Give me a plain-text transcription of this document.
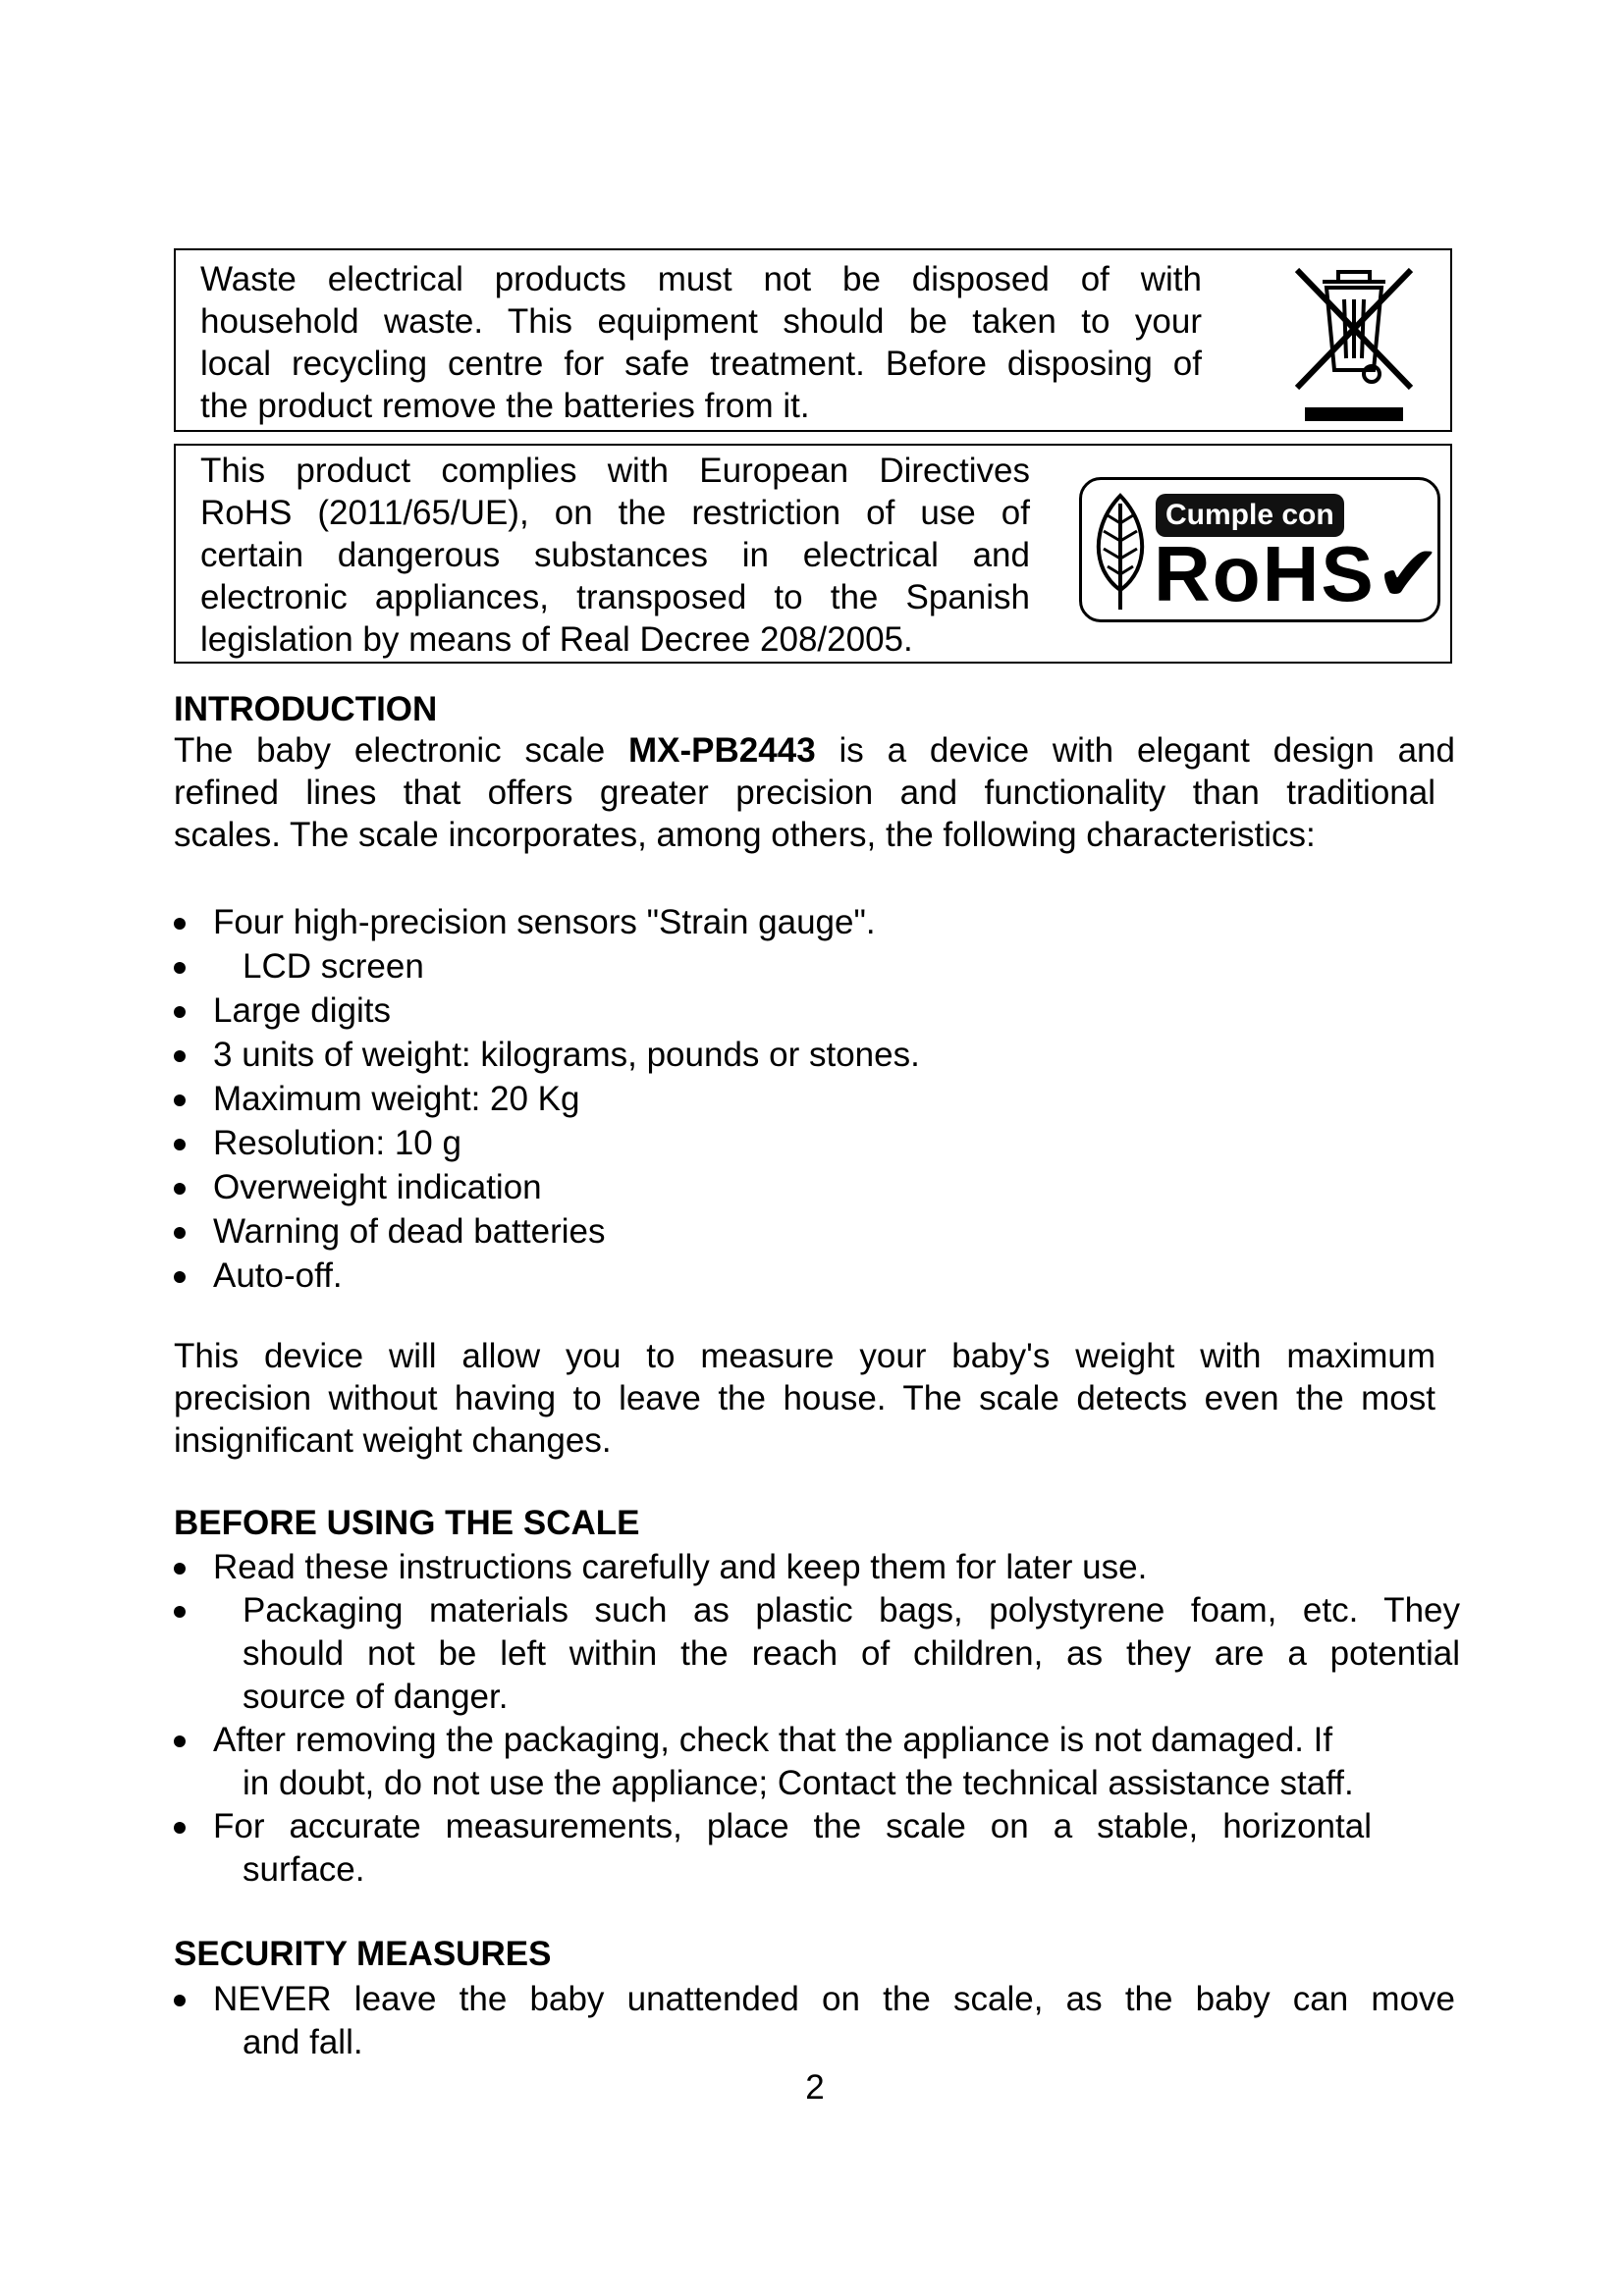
Waste electrical products must not be disposed of with
household waste. This equipment should be taken to your
local recycling centre for safe treatment. Before disposing of
the product remove the batteries from it.
This product complies with European Directives
RoHS (2011/65/UE), on the restriction of use of
certain dangerous substances in electrical and
electronic appliances, transposed to the Spanish
legislation by means of Real Decree 208/2005.
Cumple con
RoHS✔
INTRODUCTION
The baby electronic scale MX-PB2443 is a device with elegant design and
refined lines that offers greater precision and functionality than traditional
scales. The scale incorporates, among others, the following characteristics:
Four high-precision sensors "Strain gauge".
LCD screen
Large digits
3 units of weight: kilograms, pounds or stones.
Maximum weight: 20 Kg
Resolution: 10 g
Overweight indication
Warning of dead batteries
Auto-off.
This device will allow you to measure your baby's weight with maximum
precision without having to leave the house. The scale detects even the most
insignificant weight changes.
BEFORE USING THE SCALE
Read these instructions carefully and keep them for later use.
Packaging materials such as plastic bags, polystyrene foam, etc. They
should not be left within the reach of children, as they are a potential
source of danger.
After removing the packaging, check that the appliance is not damaged. If
in doubt, do not use the appliance; Contact the technical assistance staff.
For accurate measurements, place the scale on a stable, horizontal
surface.
SECURITY MEASURES
NEVER leave the baby unattended on the scale, as the baby can move
and fall.
2
